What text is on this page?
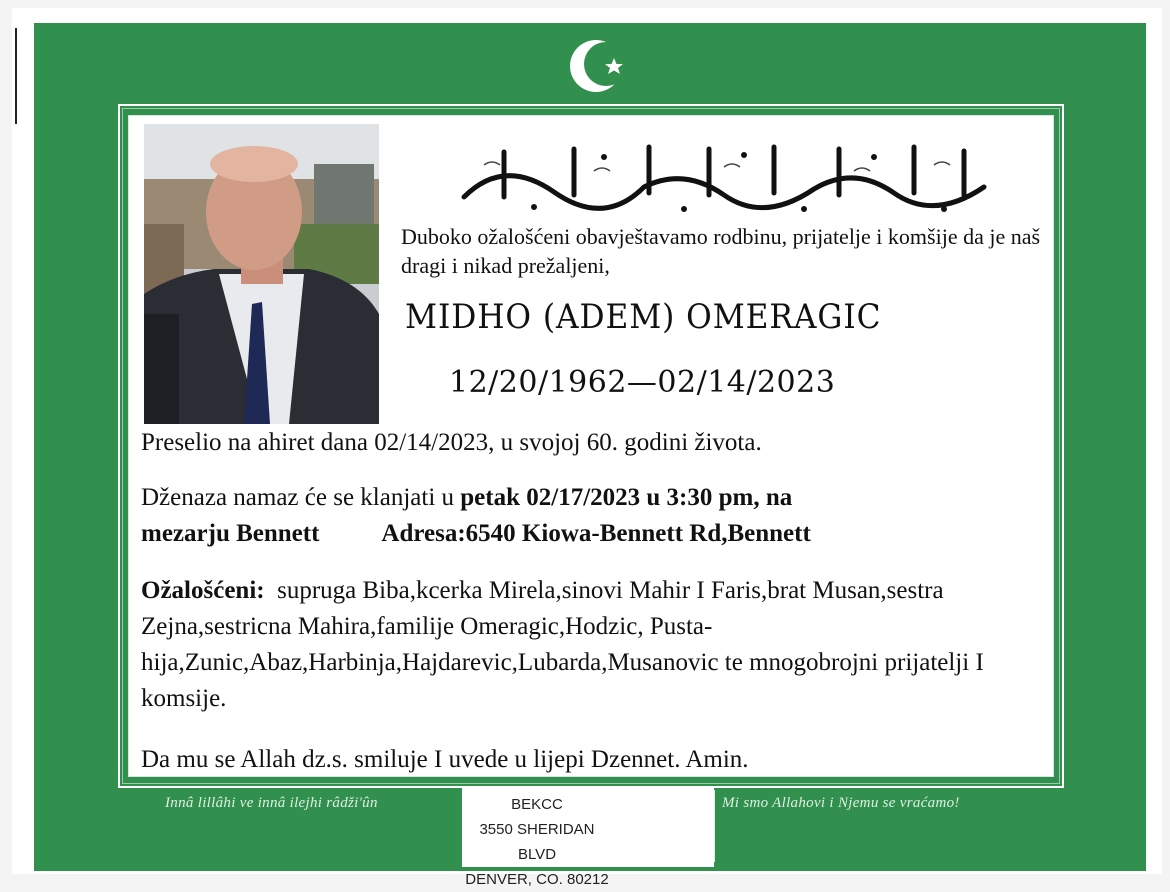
Duboko ožalošćeni obavještavamo rodbinu, prijatelje i komšije da je naš dragi i nikad prežaljeni,
MIDHO (ADEM) OMERAGIC
12/20/1962—02/14/2023
Preselio na ahiret dana 02/14/2023, u svojoj 60. godini života.
Dženaza namaz će se klanjati u petak 02/17/2023 u 3:30 pm, na
mezarju Bennett Adresa:6540 Kiowa-Bennett Rd,Bennett
Ožalošćeni: supruga Biba,kcerka Mirela,sinovi Mahir I Faris,brat Musan,sestra Zejna,sestricna Mahira,familije Omeragic,Hodzic, Pusta-hija,Zunic,Abaz,Harbinja,Hajdarevic,Lubarda,Musanovic te mnogobrojni prijatelji I komsije.
Da mu se Allah dz.s. smiluje I uvede u lijepi Dzennet. Amin.
Innâ lillâhi ve innâ ilejhi râdži'ûn	BEKCC
3550 SHERIDAN BLVD
DENVER, CO. 80212
Mi smo Allahovi i Njemu se vraćamo!
